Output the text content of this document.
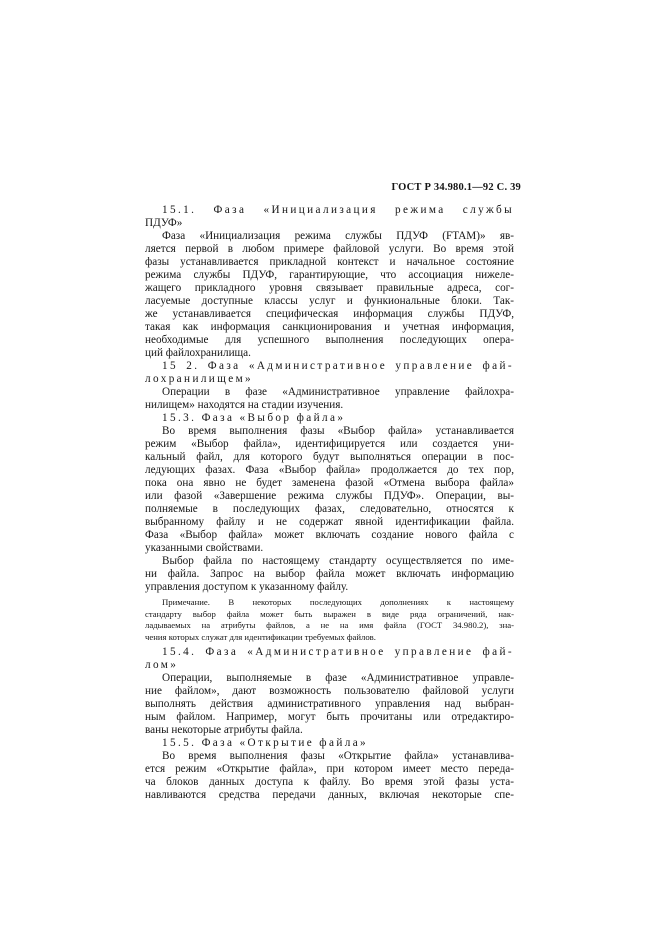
ГОСТ Р 34.980.1—92 С. 39
15.1. Фаза «Инициализация режима службы
ПДУФ»
Фаза «Инициализация режима службы ПДУФ (FTAM)» яв-
ляется первой в любом примере файловой услуги. Во время этой
фазы устанавливается прикладной контекст и начальное состояние
режима службы ПДУФ, гарантирующие, что ассоциация нижеле-
жащего прикладного уровня связывает правильные адреса, сог-
ласуемые доступные классы услуг и функиональные блоки. Так-
же устанавливается специфическая информация службы ПДУФ,
такая как информация санкционирования и учетная информация,
необходимые для успешного выполнения последующих опера-
ций файлохранилища.
15 2. Фаза «Административное управление фай-
лохранилищем»
Операции в фазе «Административное управление файлохра-
нилищем» находятся на стадии изучения.
15.3. Фаза «Выбор файла»
Во время выполнения фазы «Выбор файла» устанавливается
режим «Выбор файла», идентифицируется или создается уни-
кальный файл, для которого будут выполняться операции в пос-
ледующих фазах. Фаза «Выбор файла» продолжается до тех пор,
пока она явно не будет заменена фазой «Отмена выбора файла»
или фазой «Завершение режима службы ПДУФ». Операции, вы-
полняемые в последующих фазах, следовательно, относятся к
выбранному файлу и не содержат явной идентификации файла.
Фаза «Выбор файла» может включать создание нового файла с
указанными свойствами.
Выбор файла по настоящему стандарту осуществляется по име-
ни файла. Запрос на выбор файла может включать информацию
управления доступом к указанному файлу.
Примечание. В некоторых последующих дополнениях к настоящему
стандарту выбор файла может быть выражен в виде ряда ограничений, нак-
ладываемых на атрибуты файлов, а не на имя файла (ГОСТ 34.980.2), зна-
чения которых служат для идентификации требуемых файлов.
15.4. Фаза «Административное управление фай-
лом»
Операции, выполняемые в фазе «Административное управле-
ние файлом», дают возможность пользователю файловой услуги
выполнять действия административного управления над выбран-
ным файлом. Например, могут быть прочитаны или отредактиро-
ваны некоторые атрибуты файла.
15.5. Фаза «Открытие файла»
Во время выполнения фазы «Открытие файла» устанавлива-
ется режим «Открытие файла», при котором имеет место переда-
ча блоков данных доступа к файлу. Во время этой фазы уста-
навливаются средства передачи данных, включая некоторые спе-
